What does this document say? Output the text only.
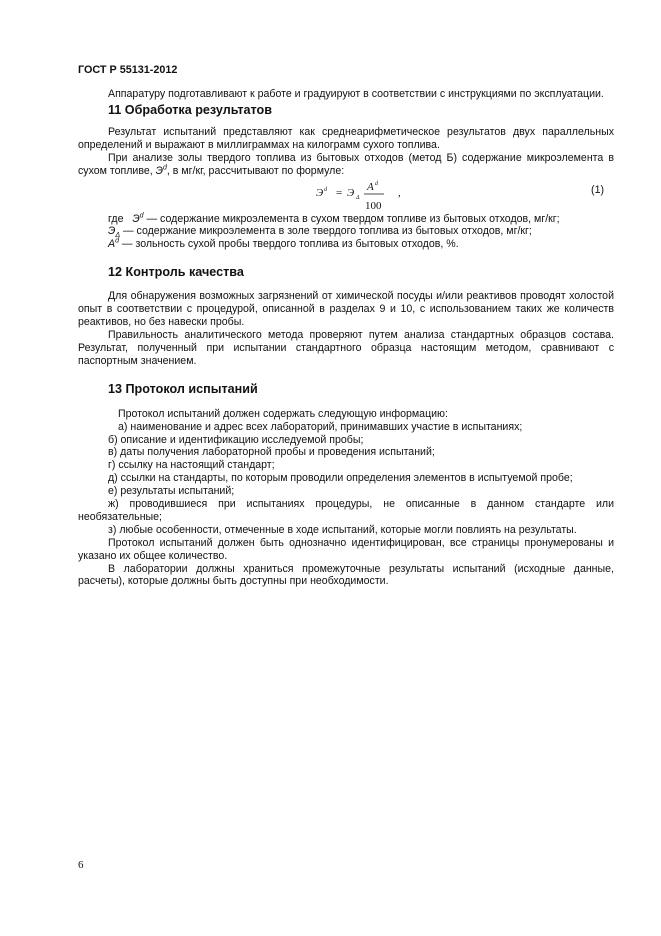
ГОСТ Р 55131-2012

Аппаратуру подготавливают к работе и градуируют в соответствии с инструкциями по эксплуатации.

11 Обработка результатов

Результат испытаний представляют как среднеарифметическое результатов двух параллельных определений и выражают в миллиграммах на килограмм сухого топлива.

При анализе золы твердого топлива из бытовых отходов (метод Б) содержание микроэлемента в сухом топливе, $Э^d$, в мг/кг, рассчитывают по формуле:

Э d = Э Δ
A d
100
,	(1)

где $Э^d$ — содержание микроэлемента в сухом твердом топливе из бытовых отходов, мг/кг;

$Э_\Delta$ — содержание микроэлемента в золе твердого топлива из бытовых отходов, мг/кг;

$A^d$ — зольность сухой пробы твердого топлива из бытовых отходов, %.

12 Контроль качества

Для обнаружения возможных загрязнений от химической посуды и/или реактивов проводят холостой опыт в соответствии с процедурой, описанной в разделах 9 и 10, с использованием таких же количеств реактивов, но без навески пробы.

Правильность аналитического метода проверяют путем анализа стандартных образцов состава. Результат, полученный при испытании стандартного образца настоящим методом, сравнивают с паспортным значением.

13 Протокол испытаний

Протокол испытаний должен содержать следующую информацию:

а) наименование и адрес всех лабораторий, принимавших участие в испытаниях;

б) описание и идентификацию исследуемой пробы;

в) даты получения лабораторной пробы и проведения испытаний;

г) ссылку на настоящий стандарт;

д) ссылки на стандарты, по которым проводили определения элементов в испытуемой пробе;

е) результаты испытаний;

ж) проводившиеся при испытаниях процедуры, не описанные в данном стандарте или необязательные;

з) любые особенности, отмеченные в ходе испытаний, которые могли повлиять на результаты.

Протокол испытаний должен быть однозначно идентифицирован, все страницы пронумерованы и указано их общее количество.

В лаборатории должны храниться промежуточные результаты испытаний (исходные данные, расчеты), которые должны быть доступны при необходимости.

6
